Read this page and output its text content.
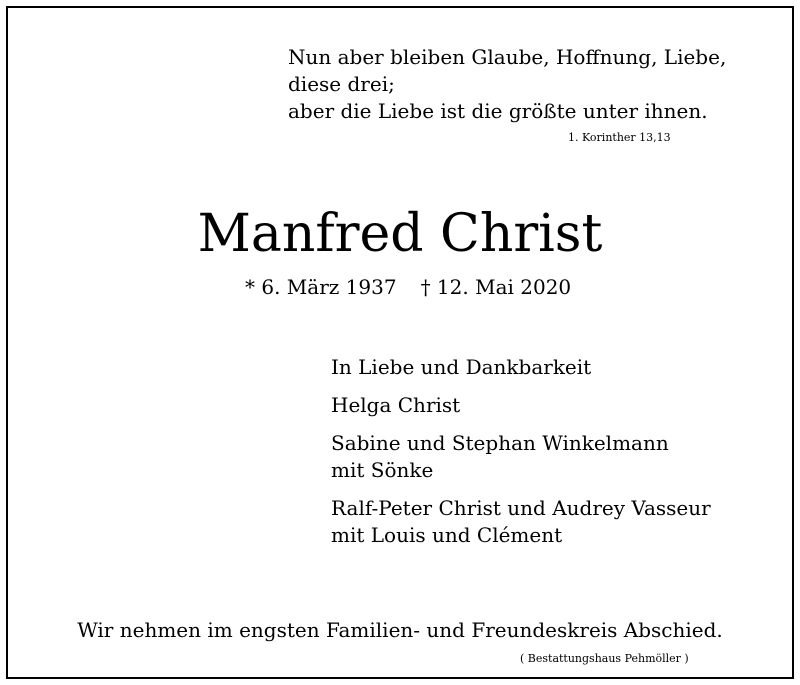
Nun aber bleiben Glaube, Hoffnung, Liebe,
diese drei;
aber die Liebe ist die größte unter ihnen.
1. Korinther 13,13
Manfred Christ
* 6. März 1937 † 12. Mai 2020
In Liebe und Dankbarkeit
Helga Christ
Sabine und Stephan Winkelmann
mit Sönke
Ralf-Peter Christ und Audrey Vasseur
mit Louis und Clément
Wir nehmen im engsten Familien- und Freundeskreis Abschied.
( Bestattungshaus Pehmöller )
